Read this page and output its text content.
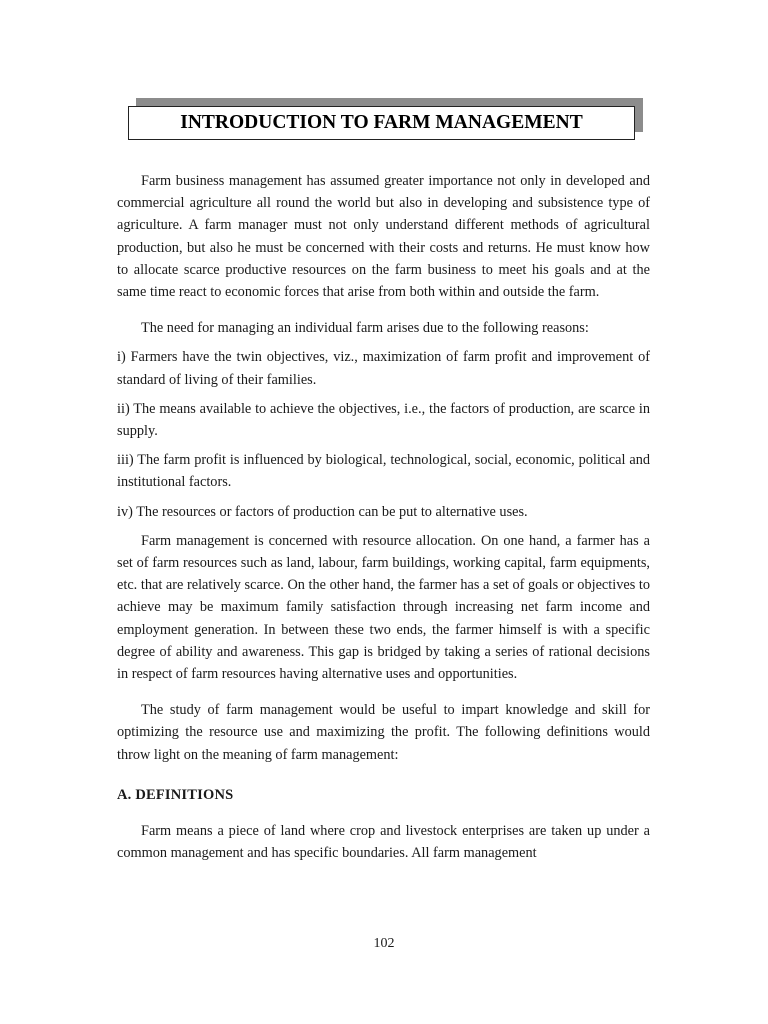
INTRODUCTION TO FARM MANAGEMENT

Farm business management has assumed greater importance not only in developed and commercial agriculture all round the world but also in developing and subsistence type of agriculture. A farm manager must not only understand different methods of agricultural production, but also he must be concerned with their costs and returns. He must know how to allocate scarce productive resources on the farm business to meet his goals and at the same time react to economic forces that arise from both within and outside the farm.

The need for managing an individual farm arises due to the following reasons:

i) Farmers have the twin objectives, viz., maximization of farm profit and improvement of standard of living of their families.

ii) The means available to achieve the objectives, i.e., the factors of production, are scarce in supply.

iii) The farm profit is influenced by biological, technological, social, economic, political and institutional factors.

iv) The resources or factors of production can be put to alternative uses.

Farm management is concerned with resource allocation. On one hand, a farmer has a set of farm resources such as land, labour, farm buildings, working capital, farm equipments, etc. that are relatively scarce. On the other hand, the farmer has a set of goals or objectives to achieve may be maximum family satisfaction through increasing net farm income and employment generation. In between these two ends, the farmer himself is with a specific degree of ability and awareness. This gap is bridged by taking a series of rational decisions in respect of farm resources having alternative uses and opportunities.

The study of farm management would be useful to impart knowledge and skill for optimizing the resource use and maximizing the profit. The following definitions would throw light on the meaning of farm management:

A. DEFINITIONS

Farm means a piece of land where crop and livestock enterprises are taken up under a common management and has specific boundaries. All farm management

102
